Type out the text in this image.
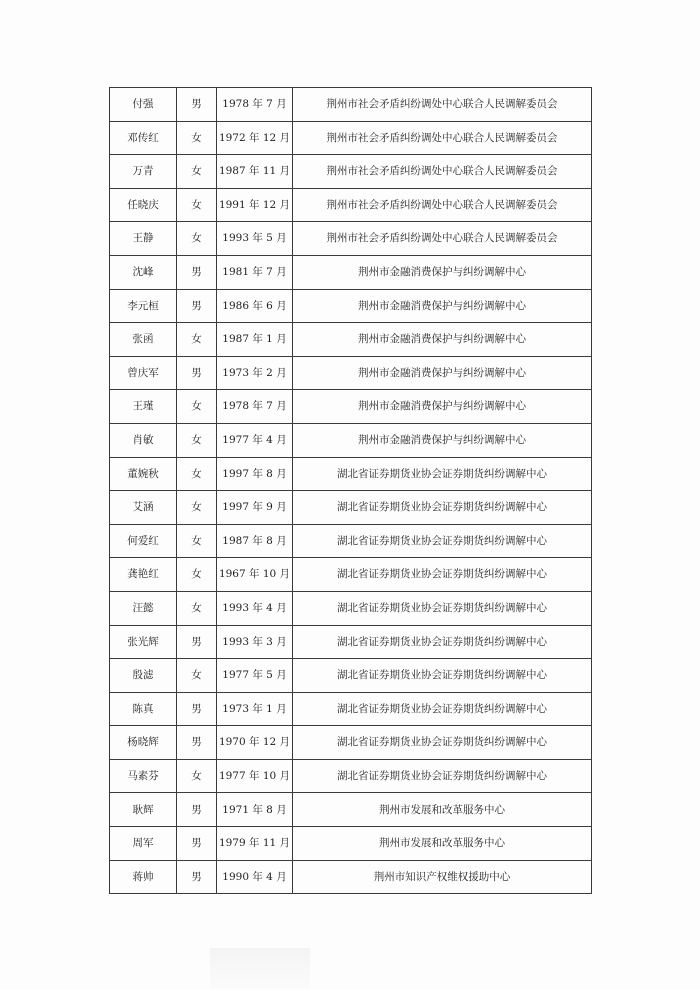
付强	男	1978 年 7 月	荆州市社会矛盾纠纷调处中心联合人民调解委员会
邓传红	女	1972 年 12 月	荆州市社会矛盾纠纷调处中心联合人民调解委员会
万青	女	1987 年 11 月	荆州市社会矛盾纠纷调处中心联合人民调解委员会
任晓庆	女	1991 年 12 月	荆州市社会矛盾纠纷调处中心联合人民调解委员会
王静	女	1993 年 5 月	荆州市社会矛盾纠纷调处中心联合人民调解委员会
沈峰	男	1981 年 7 月	荆州市金融消费保护与纠纷调解中心
李元桓	男	1986 年 6 月	荆州市金融消费保护与纠纷调解中心
张函	女	1987 年 1 月	荆州市金融消费保护与纠纷调解中心
曾庆军	男	1973 年 2 月	荆州市金融消费保护与纠纷调解中心
王瑾	女	1978 年 7 月	荆州市金融消费保护与纠纷调解中心
肖敏	女	1977 年 4 月	荆州市金融消费保护与纠纷调解中心
董婉秋	女	1997 年 8 月	湖北省证券期货业协会证券期货纠纷调解中心
艾涵	女	1997 年 9 月	湖北省证券期货业协会证券期货纠纷调解中心
何爱红	女	1987 年 8 月	湖北省证券期货业协会证券期货纠纷调解中心
龚艳红	女	1967 年 10 月	湖北省证券期货业协会证券期货纠纷调解中心
汪懿	女	1993 年 4 月	湖北省证券期货业协会证券期货纠纷调解中心
张光辉	男	1993 年 3 月	湖北省证券期货业协会证券期货纠纷调解中心
殷滤	女	1977 年 5 月	湖北省证券期货业协会证券期货纠纷调解中心
陈真	男	1973 年 1 月	湖北省证券期货业协会证券期货纠纷调解中心
杨晓辉	男	1970 年 12 月	湖北省证券期货业协会证券期货纠纷调解中心
马素芬	女	1977 年 10 月	湖北省证券期货业协会证券期货纠纷调解中心
耿辉	男	1971 年 8 月	荆州市发展和改革服务中心
周军	男	1979 年 11 月	荆州市发展和改革服务中心
蒋帅	男	1990 年 4 月	荆州市知识产权维权援助中心
